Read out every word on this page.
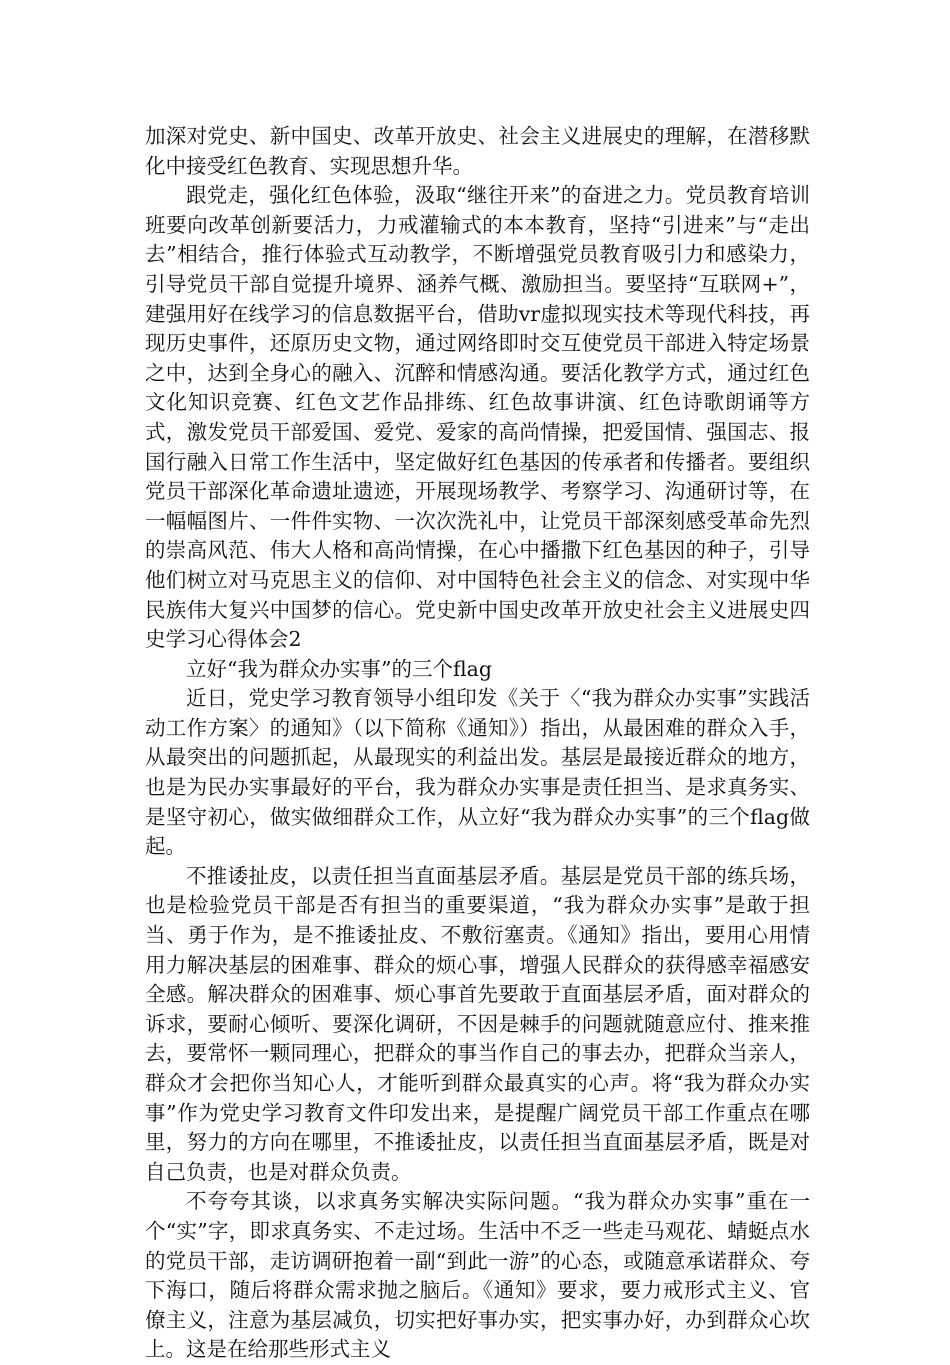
加深对党史、新中国史、改革开放史、社会主义进展史的理解，在潜移默化中接受红色教育、实现思想升华。

跟党走，强化红色体验，汲取“继往开来”的奋进之力。党员教育培训班要向改革创新要活力，力戒灌输式的本本教育，坚持“引进来”与“走出去”相结合，推行体验式互动教学，不断增强党员教育吸引力和感染力，引导党员干部自觉提升境界、涵养气概、激励担当。要坚持“互联网+”，建强用好在线学习的信息数据平台，借助vr虚拟现实技术等现代科技，再现历史事件，还原历史文物，通过网络即时交互使党员干部进入特定场景之中，达到全身心的融入、沉醉和情感沟通。要活化教学方式，通过红色文化知识竞赛、红色文艺作品排练、红色故事讲演、红色诗歌朗诵等方式，激发党员干部爱国、爱党、爱家的高尚情操，把爱国情、强国志、报国行融入日常工作生活中，坚定做好红色基因的传承者和传播者。要组织党员干部深化革命遗址遗迹，开展现场教学、考察学习、沟通研讨等，在一幅幅图片、一件件实物、一次次洗礼中，让党员干部深刻感受革命先烈的崇高风范、伟大人格和高尚情操，在心中播撒下红色基因的种子，引导他们树立对马克思主义的信仰、对中国特色社会主义的信念、对实现中华民族伟大复兴中国梦的信心。党史新中国史改革开放史社会主义进展史四史学习心得体会2

立好“我为群众办实事”的三个flag

近日，党史学习教育领导小组印发《关于〈“我为群众办实事”实践活动工作方案〉的通知》（以下简称《通知》）指出，从最困难的群众入手，从最突出的问题抓起，从最现实的利益出发。基层是最接近群众的地方，也是为民办实事最好的平台，我为群众办实事是责任担当、是求真务实、是坚守初心，做实做细群众工作，从立好“我为群众办实事”的三个flag做起。

不推诿扯皮，以责任担当直面基层矛盾。基层是党员干部的练兵场，也是检验党员干部是否有担当的重要渠道，“我为群众办实事”是敢于担当、勇于作为，是不推诿扯皮、不敷衍塞责。《通知》指出，要用心用情用力解决基层的困难事、群众的烦心事，增强人民群众的获得感幸福感安全感。解决群众的困难事、烦心事首先要敢于直面基层矛盾，面对群众的诉求，要耐心倾听、要深化调研，不因是棘手的问题就随意应付、推来推去，要常怀一颗同理心，把群众的事当作自己的事去办，把群众当亲人，群众才会把你当知心人，才能听到群众最真实的心声。将“我为群众办实事”作为党史学习教育文件印发出来，是提醒广阔党员干部工作重点在哪里，努力的方向在哪里，不推诿扯皮，以责任担当直面基层矛盾，既是对自己负责，也是对群众负责。

不夸夸其谈，以求真务实解决实际问题。“我为群众办实事”重在一个“实”字，即求真务实、不走过场。生活中不乏一些走马观花、蜻蜓点水的党员干部，走访调研抱着一副“到此一游”的心态，或随意承诺群众、夸下海口，随后将群众需求抛之脑后。《通知》要求，要力戒形式主义、官僚主义，注意为基层减负，切实把好事办实，把实事办好，办到群众心坎上。这是在给那些形式主义
